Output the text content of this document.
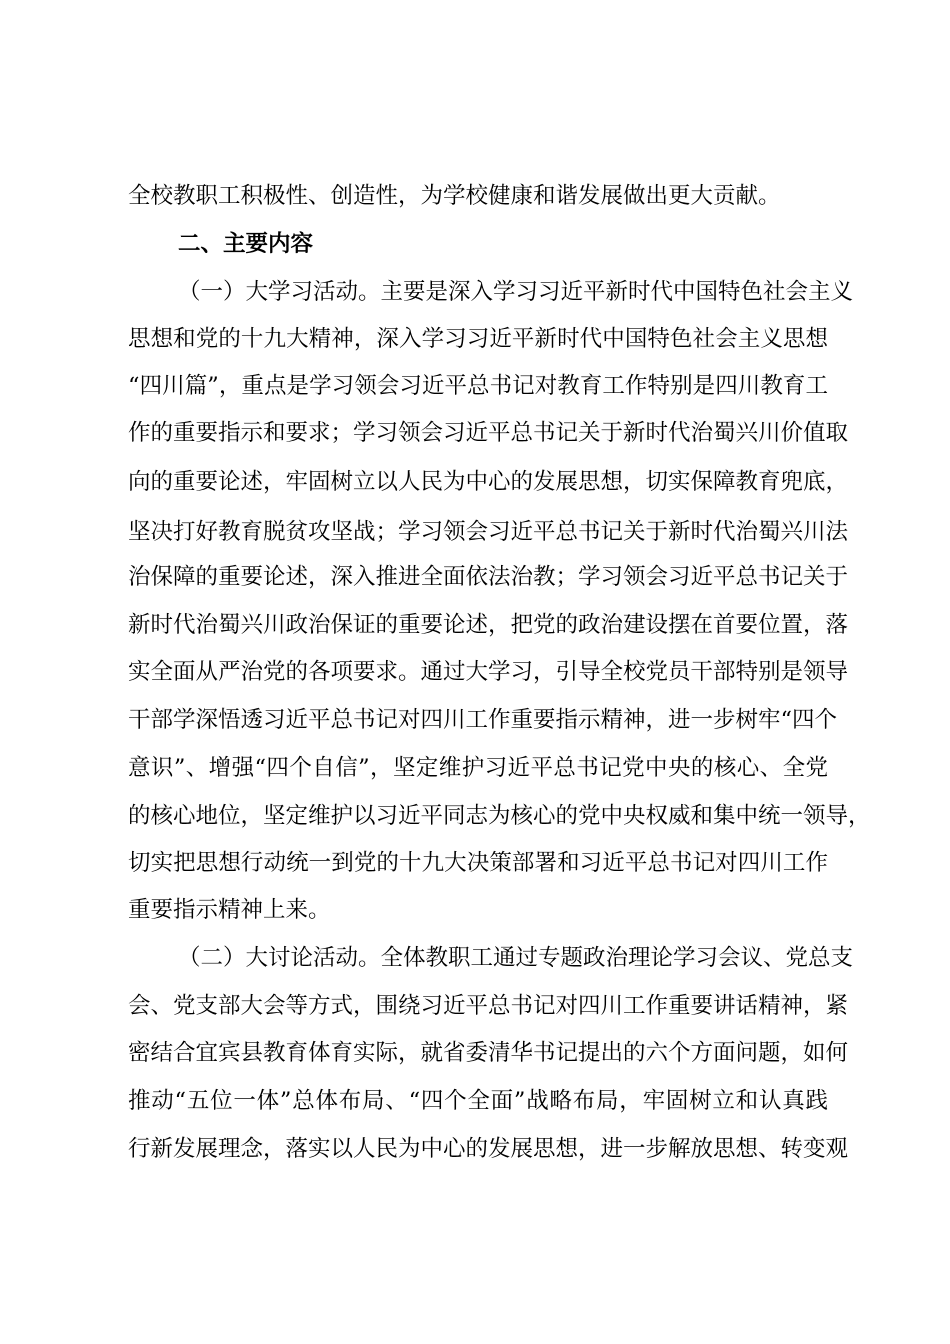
全校教职工积极性、创造性，为学校健康和谐发展做出更大贡献。
二、主要内容
（一）大学习活动。主要是深入学习习近平新时代中国特色社会主义
思想和党的十九大精神，深入学习习近平新时代中国特色社会主义思想
“四川篇”，重点是学习领会习近平总书记对教育工作特别是四川教育工
作的重要指示和要求；学习领会习近平总书记关于新时代治蜀兴川价值取
向的重要论述，牢固树立以人民为中心的发展思想，切实保障教育兜底，
坚决打好教育脱贫攻坚战；学习领会习近平总书记关于新时代治蜀兴川法
治保障的重要论述，深入推进全面依法治教；学习领会习近平总书记关于
新时代治蜀兴川政治保证的重要论述，把党的政治建设摆在首要位置，落
实全面从严治党的各项要求。通过大学习，引导全校党员干部特别是领导
干部学深悟透习近平总书记对四川工作重要指示精神，进一步树牢“四个
意识”、增强“四个自信”，坚定维护习近平总书记党中央的核心、全党
的核心地位，坚定维护以习近平同志为核心的党中央权威和集中统一领导，
切实把思想行动统一到党的十九大决策部署和习近平总书记对四川工作
重要指示精神上来。
（二）大讨论活动。全体教职工通过专题政治理论学习会议、党总支
会、党支部大会等方式，围绕习近平总书记对四川工作重要讲话精神，紧
密结合宜宾县教育体育实际，就省委清华书记提出的六个方面问题，如何
推动“五位一体”总体布局、“四个全面”战略布局，牢固树立和认真践
行新发展理念，落实以人民为中心的发展思想，进一步解放思想、转变观
